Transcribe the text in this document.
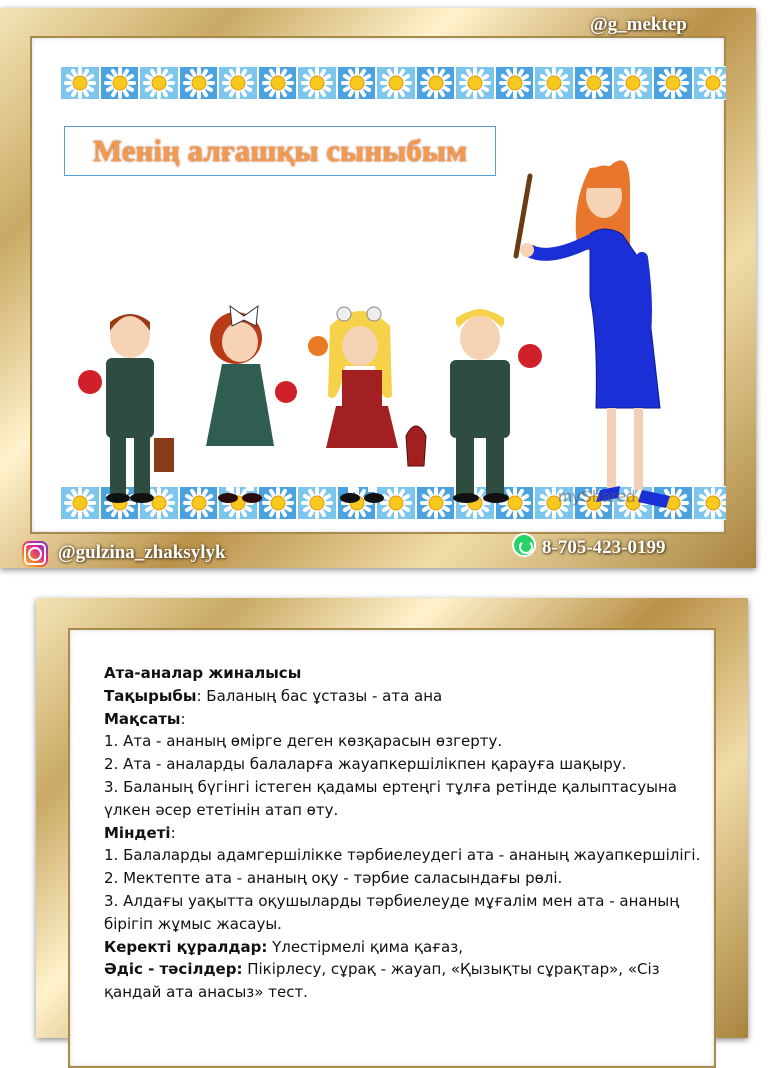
Менің алғашқы сыныбым
myShared
@g_mektep
@gulzina_zhaksylyk	8-705-423-0199

Ата-аналар жиналысы

Тақырыбы: Баланың бас ұстазы - ата ана

Мақсаты:

1. Ата - ананың өмірге деген көзқарасын өзгерту.

2. Ата - аналарды балаларға жауапкершілікпен қарауға шақыру.

3. Баланың бүгінгі істеген қадамы ертеңгі тұлға ретінде қалыптасуына үлкен әсер ететінін атап өту.

Міндеті:

1. Балаларды адамгершілікке тәрбиелеудегі ата - ананың жауапкершілігі.

2. Мектепте ата - ананың оқу - тәрбие саласындағы рөлі.

3. Алдағы уақытта оқушыларды тәрбиелеуде мұғалім мен ата - ананың бірігіп жұмыс жасауы.

Керекті құралдар: Үлестірмелі қима қағаз,

Әдіс - тәсілдер: Пікірлесу, сұрақ - жауап, «Қызықты сұрақтар», «Сіз қандай ата анасыз» тест.
